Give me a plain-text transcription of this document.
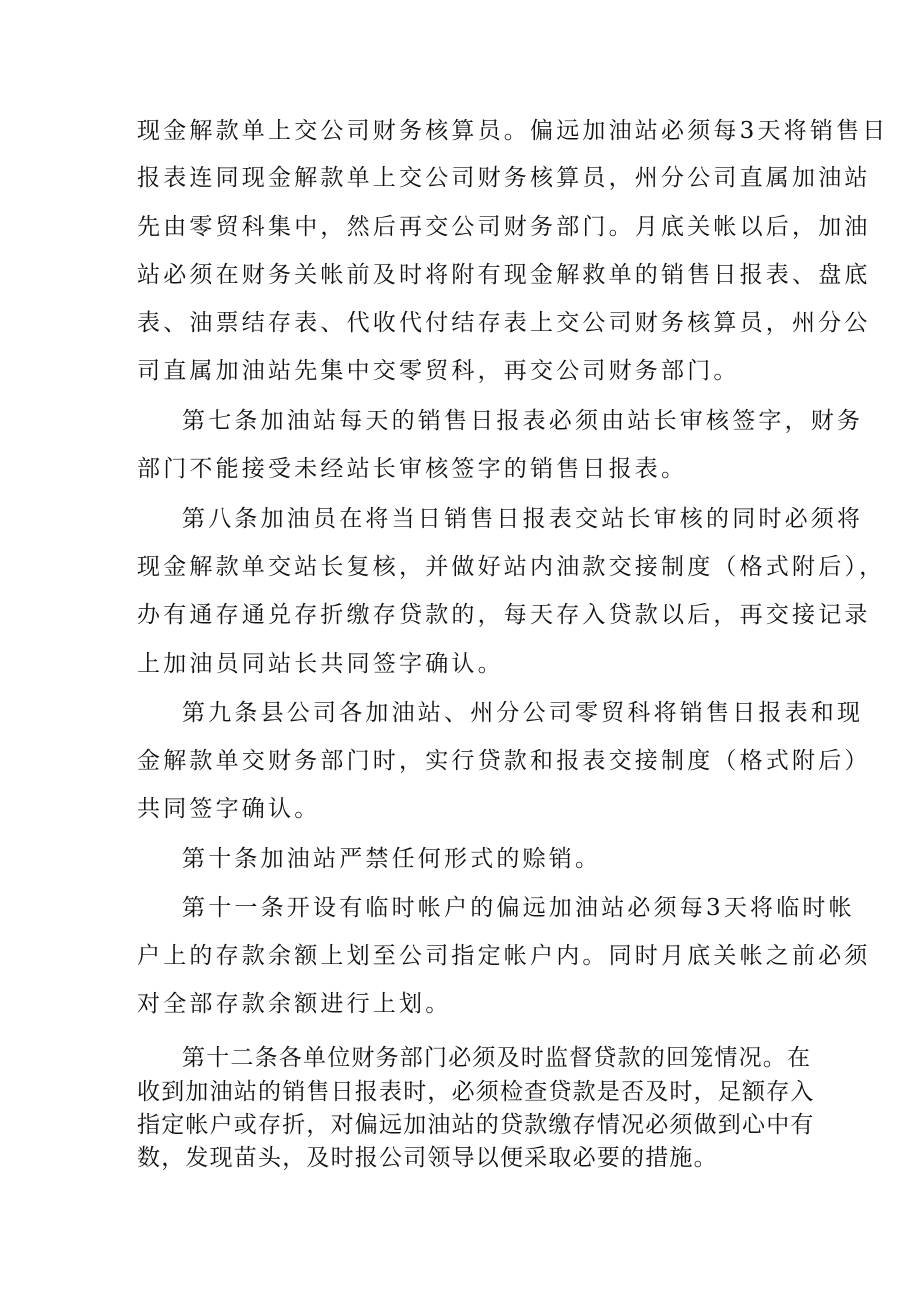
现金解款单上交公司财务核算员。偏远加油站必须每3天将销售日
报表连同现金解款单上交公司财务核算员，州分公司直属加油站
先由零贸科集中，然后再交公司财务部门。月底关帐以后，加油
站必须在财务关帐前及时将附有现金解救单的销售日报表、盘底
表、油票结存表、代收代付结存表上交公司财务核算员，州分公
司直属加油站先集中交零贸科，再交公司财务部门。
第七条加油站每天的销售日报表必须由站长审核签字，财务
部门不能接受未经站长审核签字的销售日报表。
第八条加油员在将当日销售日报表交站长审核的同时必须将
现金解款单交站长复核，并做好站内油款交接制度（格式附后），
办有通存通兑存折缴存贷款的，每天存入贷款以后，再交接记录
上加油员同站长共同签字确认。
第九条县公司各加油站、州分公司零贸科将销售日报表和现
金解款单交财务部门时，实行贷款和报表交接制度（格式附后）
共同签字确认。
第十条加油站严禁任何形式的赊销。
第十一条开设有临时帐户的偏远加油站必须每3天将临时帐
户上的存款余额上划至公司指定帐户内。同时月底关帐之前必须
对全部存款余额进行上划。
第十二条各单位财务部门必须及时监督贷款的回笼情况。在
收到加油站的销售日报表时，必须检查贷款是否及时，足额存入
指定帐户或存折，对偏远加油站的贷款缴存情况必须做到心中有
数，发现苗头，及时报公司领导以便采取必要的措施。
